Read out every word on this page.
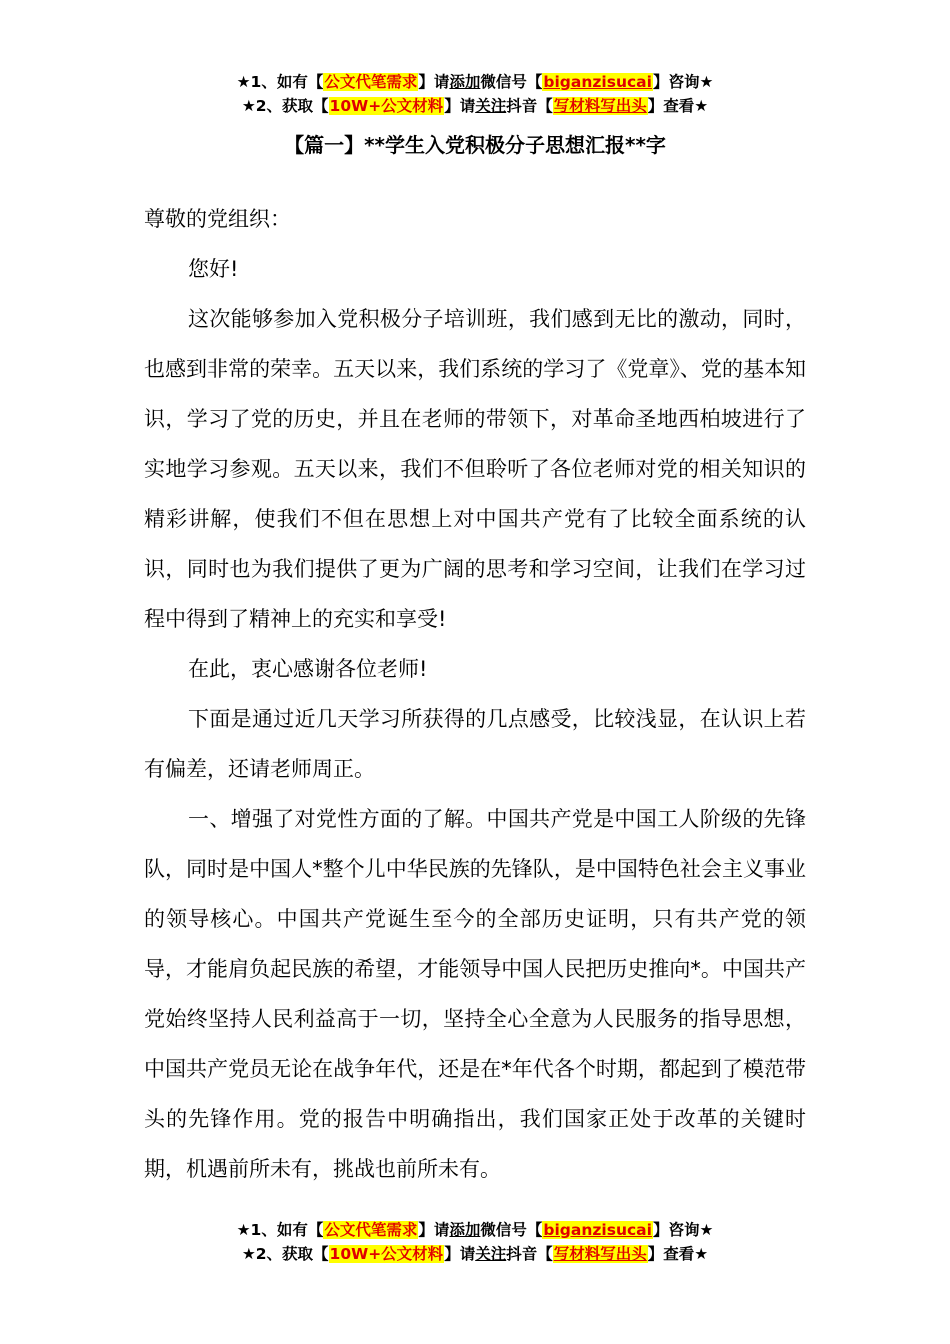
★1、如有【公文代笔需求】请添加微信号【biganzisucai】咨询★
★2、获取【10W+公文材料】请关注抖音【写材料写出头】查看★
【篇一】**学生入党积极分子思想汇报**字

尊敬的党组织：

您好!

这次能够参加入党积极分子培训班，我们感到无比的激动，同时，也感到非常的荣幸。五天以来，我们系统的学习了《党章》、党的基本知识，学习了党的历史，并且在老师的带领下，对革命圣地西柏坡进行了实地学习参观。五天以来，我们不但聆听了各位老师对党的相关知识的精彩讲解，使我们不但在思想上对中国共产党有了比较全面系统的认识，同时也为我们提供了更为广阔的思考和学习空间，让我们在学习过程中得到了精神上的充实和享受!

在此，衷心感谢各位老师!

下面是通过近几天学习所获得的几点感受，比较浅显，在认识上若有偏差，还请老师周正。

一、增强了对党性方面的了解。中国共产党是中国工人阶级的先锋队，同时是中国人*整个儿中华民族的先锋队，是中国特色社会主义事业的领导核心。中国共产党诞生至今的全部历史证明，只有共产党的领导，才能肩负起民族的希望，才能领导中国人民把历史推向*。中国共产党始终坚持人民利益高于一切，坚持全心全意为人民服务的指导思想，中国共产党员无论在战争年代，还是在*年代各个时期，都起到了模范带头的先锋作用。党的报告中明确指出，我们国家正处于改革的关键时期，机遇前所未有，挑战也前所未有。

★1、如有【公文代笔需求】请添加微信号【biganzisucai】咨询★
★2、获取【10W+公文材料】请关注抖音【写材料写出头】查看★
